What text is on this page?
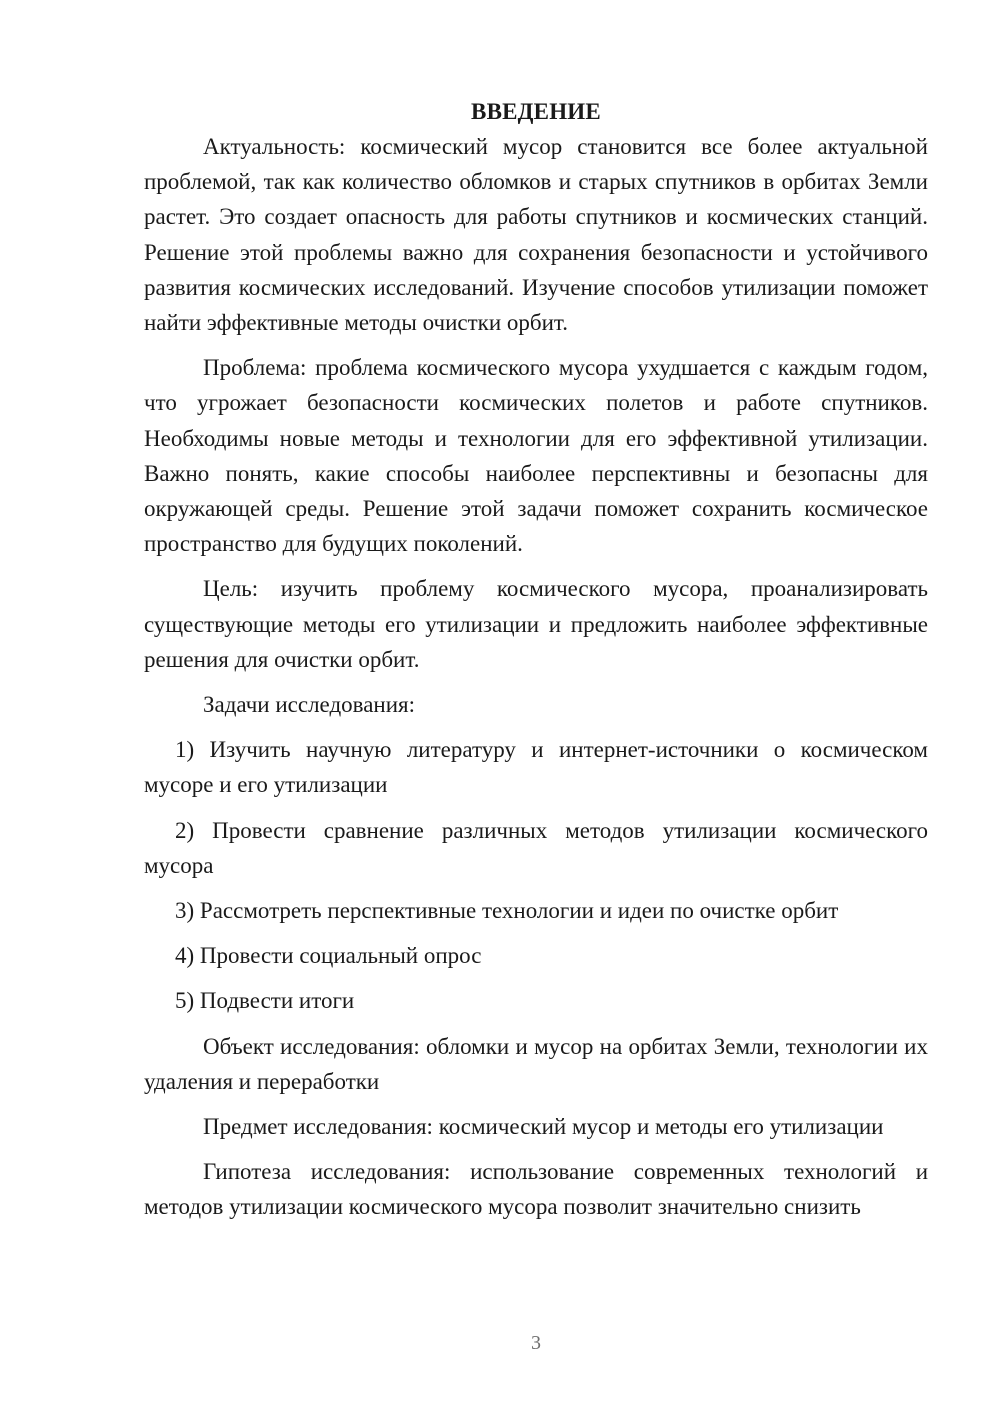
ВВЕДЕНИЕ

Актуальность: космический мусор становится все более актуальной проблемой, так как количество обломков и старых спутников в орбитах Земли растет. Это создает опасность для работы спутников и космических станций. Решение этой проблемы важно для сохранения безопасности и устойчивого развития космических исследований. Изучение способов утилизации поможет найти эффективные методы очистки орбит.

Проблема: проблема космического мусора ухудшается с каждым годом, что угрожает безопасности космических полетов и работе спутников. Необходимы новые методы и технологии для его эффективной утилизации. Важно понять, какие способы наиболее перспективны и безопасны для окружающей среды. Решение этой задачи поможет сохранить космическое пространство для будущих поколений.

Цель: изучить проблему космического мусора, проанализировать существующие методы его утилизации и предложить наиболее эффективные решения для очистки орбит.

Задачи исследования:

1) Изучить научную литературу и интернет-источники о космическом мусоре и его утилизации

2) Провести сравнение различных методов утилизации космического мусора

3) Рассмотреть перспективные технологии и идеи по очистке орбит

4) Провести социальный опрос

5) Подвести итоги

Объект исследования: обломки и мусор на орбитах Земли, технологии их удаления и переработки

Предмет исследования: космический мусор и методы его утилизации

Гипотеза исследования: использование современных технологий и методов утилизации космического мусора позволит значительно снизить

3
